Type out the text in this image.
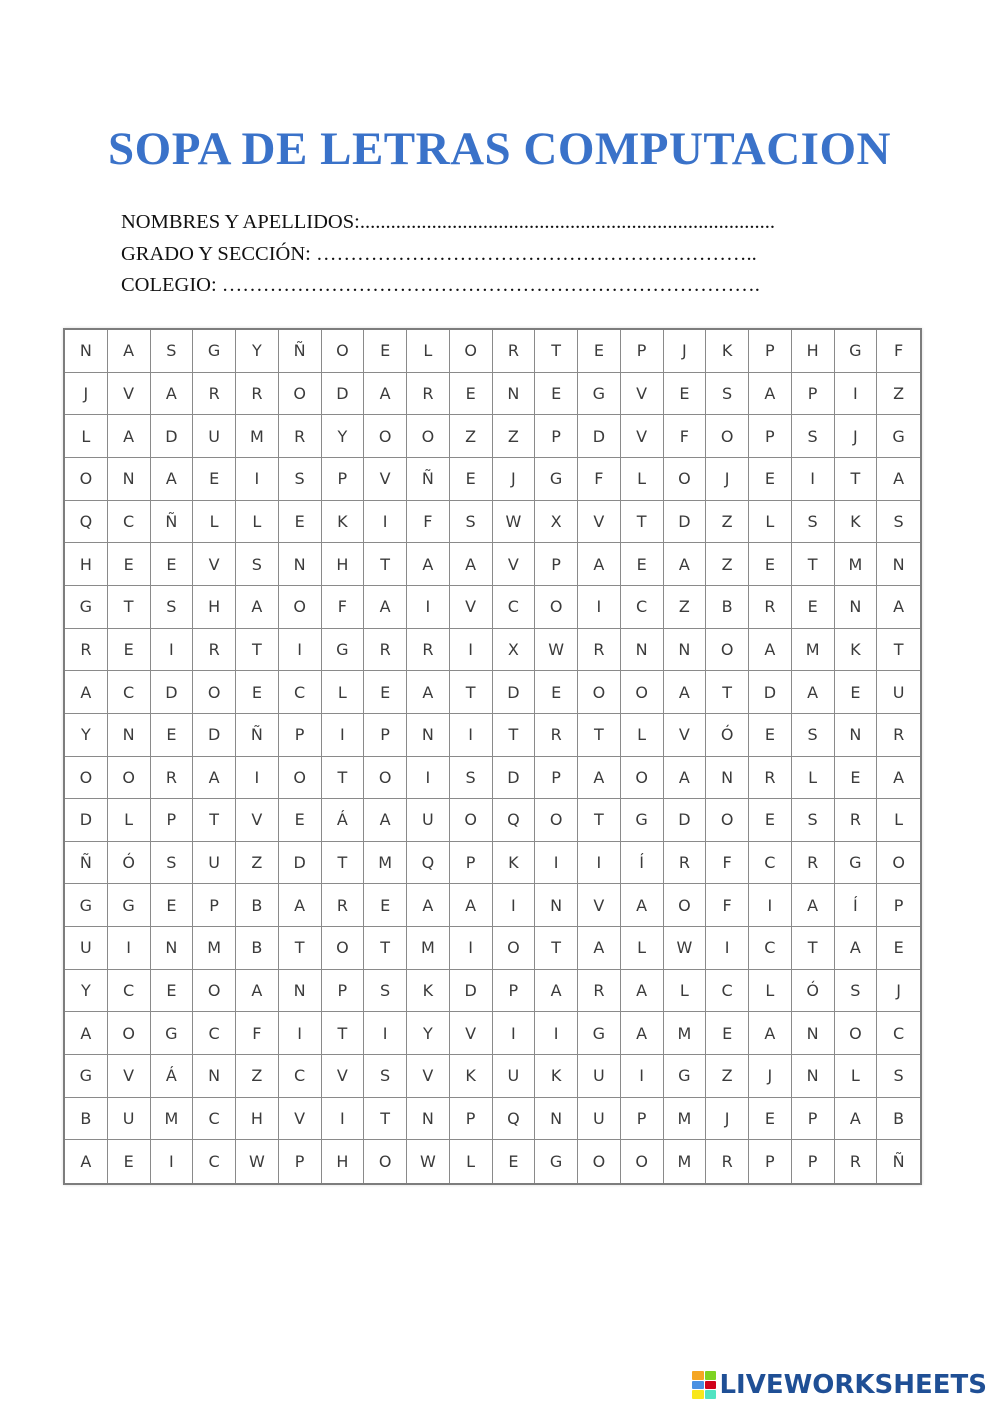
SOPA DE LETRAS COMPUTACION
NOMBRES Y APELLIDOS:.................................................................................
GRADO Y SECCIÓN: ………………………………………………………..
COLEGIO: …………………………………………………………………….
N	A	S	G	Y	Ñ	O	E	L	O	R	T	E	P	J	K	P	H	G	F
J	V	A	R	R	O	D	A	R	E	N	E	G	V	E	S	A	P	I	Z
L	A	D	U	M	R	Y	O	O	Z	Z	P	D	V	F	O	P	S	J	G
O	N	A	E	I	S	P	V	Ñ	E	J	G	F	L	O	J	E	I	T	A
Q	C	Ñ	L	L	E	K	I	F	S	W	X	V	T	D	Z	L	S	K	S
H	E	E	V	S	N	H	T	A	A	V	P	A	E	A	Z	E	T	M	N
G	T	S	H	A	O	F	A	I	V	C	O	I	C	Z	B	R	E	N	A
R	E	I	R	T	I	G	R	R	I	X	W	R	N	N	O	A	M	K	T
A	C	D	O	E	C	L	E	A	T	D	E	O	O	A	T	D	A	E	U
Y	N	E	D	Ñ	P	I	P	N	I	T	R	T	L	V	Ó	E	S	N	R
O	O	R	A	I	O	T	O	I	S	D	P	A	O	A	N	R	L	E	A
D	L	P	T	V	E	Á	A	U	O	Q	O	T	G	D	O	E	S	R	L
Ñ	Ó	S	U	Z	D	T	M	Q	P	K	I	I	Í	R	F	C	R	G	O
G	G	E	P	B	A	R	E	A	A	I	N	V	A	O	F	I	A	Í	P
U	I	N	M	B	T	O	T	M	I	O	T	A	L	W	I	C	T	A	E
Y	C	E	O	A	N	P	S	K	D	P	A	R	A	L	C	L	Ó	S	J
A	O	G	C	F	I	T	I	Y	V	I	I	G	A	M	E	A	N	O	C
G	V	Á	N	Z	C	V	S	V	K	U	K	U	I	G	Z	J	N	L	S
B	U	M	C	H	V	I	T	N	P	Q	N	U	P	M	J	E	P	A	B
A	E	I	C	W	P	H	O	W	L	E	G	O	O	M	R	P	P	R	Ñ
LIVEWORKSHEETS
